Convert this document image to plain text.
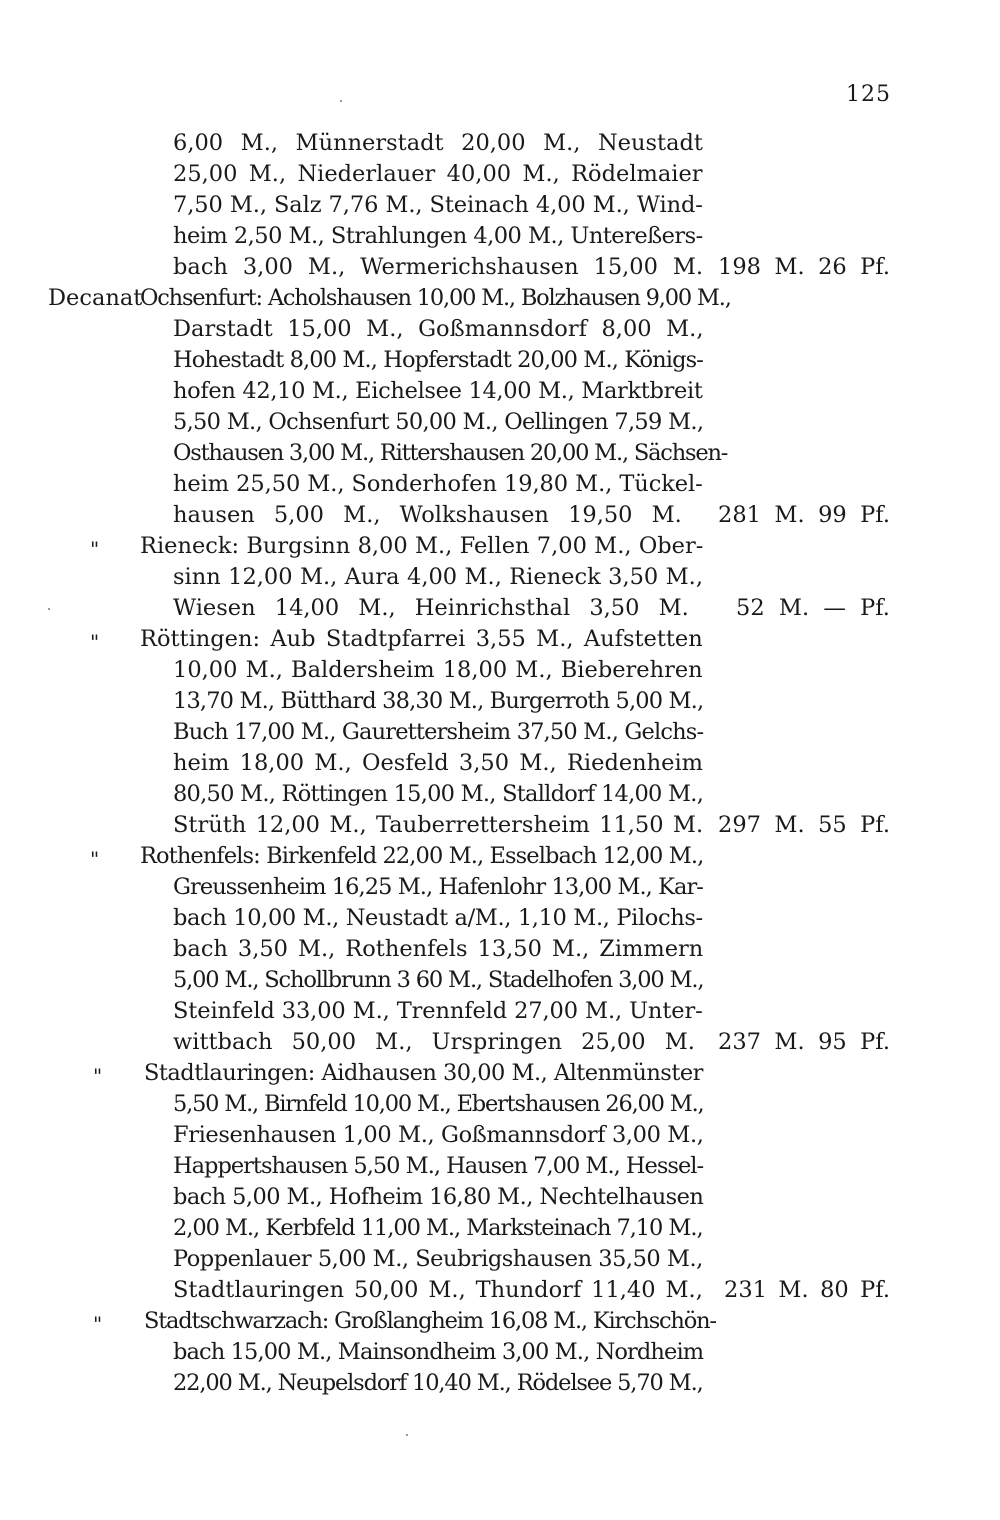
125
6,00 M., Münnerstadt 20,00 M., Neustadt
25,00 M., Niederlauer 40,00 M., Rödelmaier
7,50 M., Salz 7,76 M., Steinach 4,00 M., Wind-
heim 2,50 M., Strahlungen 4,00 M., Untereßers-
bach 3,00 M., Wermerichshausen 15,00 M. 198 M. 26 Pf.
Decanat
Ochsenfurt: Acholshausen 10,00 M., Bolzhausen 9,00 M.,
Darstadt 15,00 M., Goßmannsdorf 8,00 M.,
Hohestadt 8,00 M., Hopferstadt 20,00 M., Königs-
hofen 42,10 M., Eichelsee 14,00 M., Marktbreit
5,50 M., Ochsenfurt 50,00 M., Oellingen 7,59 M.,
Osthausen 3,00 M., Rittershausen 20,00 M., Sächsen-
heim 25,50 M., Sonderhofen 19,80 M., Tückel-
hausen 5,00 M., Wolkshausen 19,50 M.	281 M. 99 Pf.
" Rieneck: Burgsinn 8,00 M., Fellen 7,00 M., Ober-
sinn 12,00 M., Aura 4,00 M., Rieneck 3,50 M.,
Wiesen 14,00 M., Heinrichsthal 3,50 M.	52 M. — Pf.
" Röttingen: Aub Stadtpfarrei 3,55 M., Aufstetten
10,00 M., Baldersheim 18,00 M., Bieberehren
13,70 M., Bütthard 38,30 M., Burgerroth 5,00 M.,
Buch 17,00 M., Gaurettersheim 37,50 M., Gelchs-
heim 18,00 M., Oesfeld 3,50 M., Riedenheim
80,50 M., Röttingen 15,00 M., Stalldorf 14,00 M.,
Strüth 12,00 M., Tauberrettersheim 11,50 M. 297 M. 55 Pf.
" Rothenfels: Birkenfeld 22,00 M., Esselbach 12,00 M.,
Greussenheim 16,25 M., Hafenlohr 13,00 M., Kar-
bach 10,00 M., Neustadt a/M., 1,10 M., Pilochs-
bach 3,50 M., Rothenfels 13,50 M., Zimmern
5,00 M., Schollbrunn 3 60 M., Stadelhofen 3,00 M.,
Steinfeld 33,00 M., Trennfeld 27,00 M., Unter-
wittbach 50,00 M., Urspringen 25,00 M.	237 M. 95 Pf.
" Stadtlauringen: Aidhausen 30,00 M., Altenmünster
5,50 M., Birnfeld 10,00 M., Ebertshausen 26,00 M.,
Friesenhausen 1,00 M., Goßmannsdorf 3,00 M.,
Happertshausen 5,50 M., Hausen 7,00 M., Hessel-
bach 5,00 M., Hofheim 16,80 M., Nechtelhausen
2,00 M., Kerbfeld 11,00 M., Marksteinach 7,10 M.,
Poppenlauer 5,00 M., Seubrigshausen 35,50 M.,
Stadtlauringen 50,00 M., Thundorf 11,40 M., 231 M. 80 Pf.
" Stadtschwarzach: Großlangheim 16,08 M., Kirchschön-
bach 15,00 M., Mainsondheim 3,00 M., Nordheim
22,00 M., Neupelsdorf 10,40 M., Rödelsee 5,70 M.,
